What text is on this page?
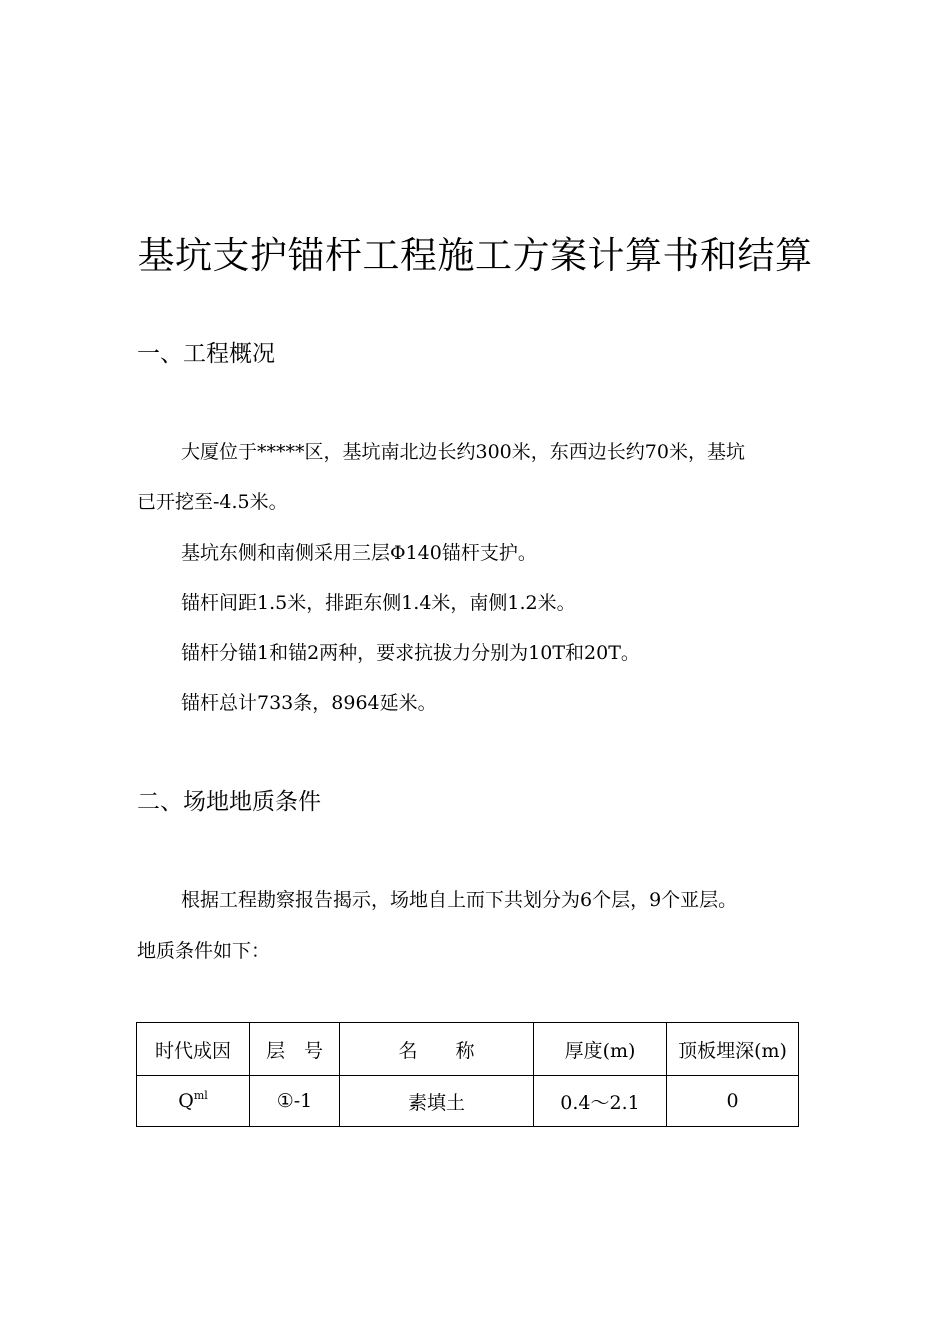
基坑支护锚杆工程施工方案计算书和结算
一、工程概况
大厦位于*****区，基坑南北边长约300米，东西边长约70米，基坑
已开挖至-4.5米。
基坑东侧和南侧采用三层Φ140锚杆支护。
锚杆间距1.5米，排距东侧1.4米，南侧1.2米。
锚杆分锚1和锚2两种，要求抗拔力分别为10T和20T。
锚杆总计733条，8964延米。
二、场地地质条件
根据工程勘察报告揭示，场地自上而下共划分为6个层，9个亚层。
地质条件如下：
时代成因	层　号	名　　称	厚度(m)	顶板埋深(m)
$Q^{ml}$	①-1	素填土	0.4～2.1	0
